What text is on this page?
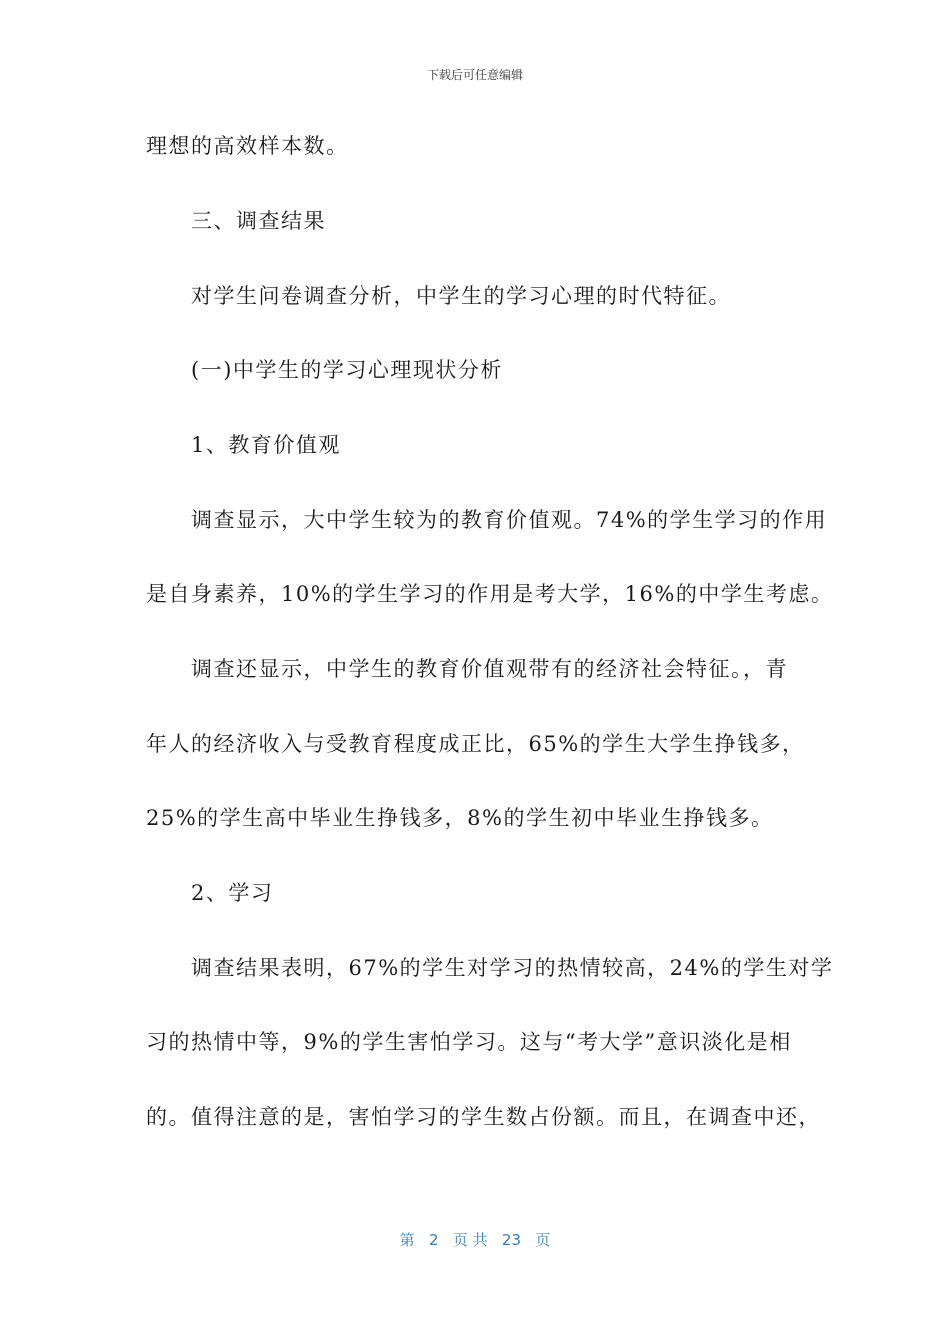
下载后可任意编辑
理想的高效样本数。
三、调查结果
对学生问卷调查分析，中学生的学习心理的时代特征。
(一)中学生的学习心理现状分析
1、教育价值观
调查显示，大中学生较为的教育价值观。74%的学生学习的作用
是自身素养，10%的学生学习的作用是考大学，16%的中学生考虑。
调查还显示，中学生的教育价值观带有的经济社会特征。，青
年人的经济收入与受教育程度成正比，65%的学生大学生挣钱多，
25%的学生高中毕业生挣钱多，8%的学生初中毕业生挣钱多。
2、学习
调查结果表明，67%的学生对学习的热情较高，24%的学生对学
习的热情中等，9%的学生害怕学习。这与“考大学”意识淡化是相
的。值得注意的是，害怕学习的学生数占份额。而且，在调查中还，
第 2 页 共 23 页
